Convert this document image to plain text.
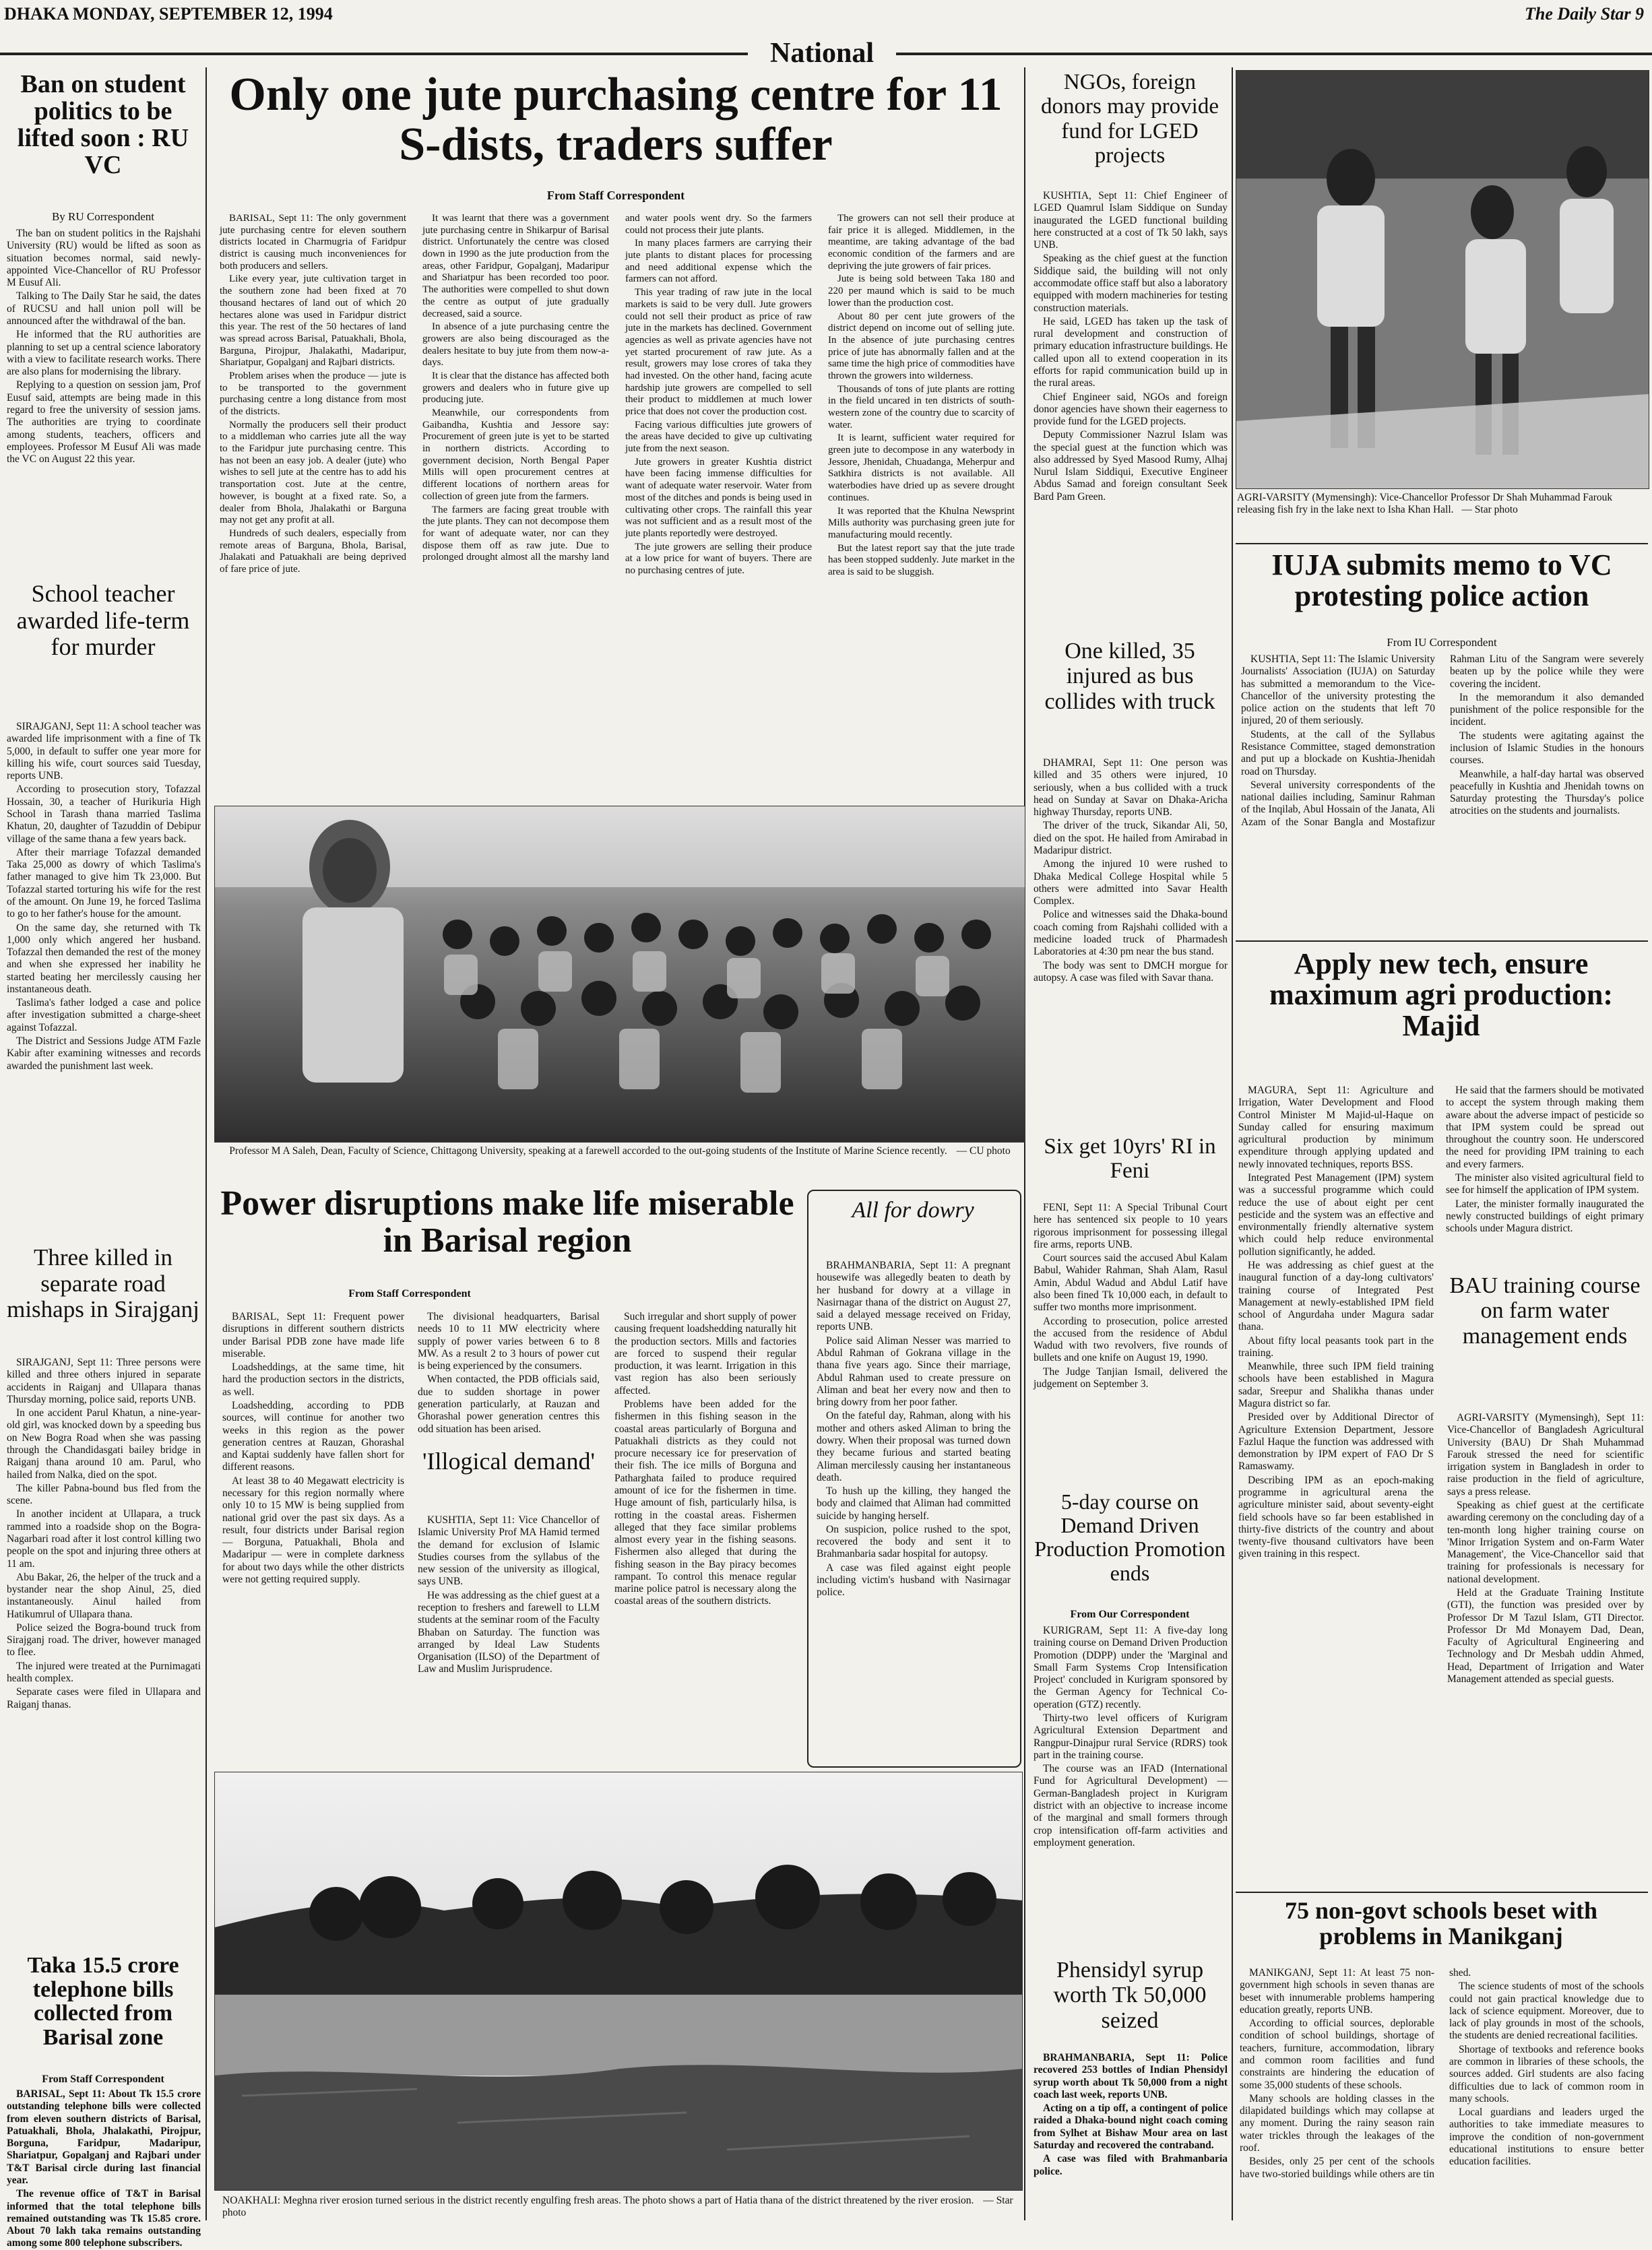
DHAKA MONDAY, SEPTEMBER 12, 1994	The Daily Star 9
National
Ban on student politics to be lifted soon : RU VC
By RU Correspondent

The ban on student politics in the Rajshahi University (RU) would be lifted as soon as situation becomes normal, said newly-appointed Vice-Chancellor of RU Professor M Eusuf Ali.

Talking to The Daily Star he said, the dates of RUCSU and hall union poll will be announced after the withdrawal of the ban.

He informed that the RU authorities are planning to set up a central science laboratory with a view to facilitate research works. There are also plans for modernising the library.

Replying to a question on session jam, Prof Eusuf said, attempts are being made in this regard to free the university of session jams. The authorities are trying to coordinate among students, teachers, officers and employees. Professor M Eusuf Ali was made the VC on August 22 this year.

School teacher awarded life-term for murder

SIRAJGANJ, Sept 11: A school teacher was awarded life imprisonment with a fine of Tk 5,000, in default to suffer one year more for killing his wife, court sources said Tuesday, reports UNB.

According to prosecution story, Tofazzal Hossain, 30, a teacher of Hurikuria High School in Tarash thana married Taslima Khatun, 20, daughter of Tazuddin of Debipur village of the same thana a few years back.

After their marriage Tofazzal demanded Taka 25,000 as dowry of which Taslima's father managed to give him Tk 23,000. But Tofazzal started torturing his wife for the rest of the amount. On June 19, he forced Taslima to go to her father's house for the amount.

On the same day, she returned with Tk 1,000 only which angered her husband. Tofazzal then demanded the rest of the money and when she expressed her inability he started beating her mercilessly causing her instantaneous death.

Taslima's father lodged a case and police after investigation submitted a charge-sheet against Tofazzal.

The District and Sessions Judge ATM Fazle Kabir after examining witnesses and records awarded the punishment last week.

Three killed in separate road mishaps in Sirajganj

SIRAJGANJ, Sept 11: Three persons were killed and three others injured in separate accidents in Raiganj and Ullapara thanas Thursday morning, police said, reports UNB.

In one accident Parul Khatun, a nine-year-old girl, was knocked down by a speeding bus on New Bogra Road when she was passing through the Chandidasgati bailey bridge in Raiganj thana around 10 am. Parul, who hailed from Nalka, died on the spot.

The killer Pabna-bound bus fled from the scene.

In another incident at Ullapara, a truck rammed into a roadside shop on the Bogra-Nagarbari road after it lost control killing two people on the spot and injuring three others at 11 am.

Abu Bakar, 26, the helper of the truck and a bystander near the shop Ainul, 25, died instantaneously. Ainul hailed from Hatikumrul of Ullapara thana.

Police seized the Bogra-bound truck from Sirajganj road. The driver, however managed to flee.

The injured were treated at the Purnimagati health complex.

Separate cases were filed in Ullapara and Raiganj thanas.

Taka 15.5 crore telephone bills collected from Barisal zone
From Staff Correspondent

BARISAL, Sept 11: About Tk 15.5 crore outstanding telephone bills were collected from eleven southern districts of Barisal, Patuakhali, Bhola, Jhalakathi, Pirojpur, Borguna, Faridpur, Madaripur, Shariatpur, Gopalganj and Rajbari under T&T Barisal circle during last financial year.

The revenue office of T&T in Barisal informed that the total telephone bills remained outstanding was Tk 15.85 crore. About 70 lakh taka remains outstanding among some 800 telephone subscribers.

Only one jute purchasing centre for 11 S-dists, traders suffer
From Staff Correspondent

BARISAL, Sept 11: The only government jute purchasing centre for eleven southern districts located in Charmugria of Faridpur district is causing much inconveniences for both producers and sellers.

Like every year, jute cultivation target in the southern zone had been fixed at 70 thousand hectares of land out of which 20 hectares alone was used in Faridpur district this year. The rest of the 50 hectares of land was spread across Barisal, Patuakhali, Bhola, Barguna, Pirojpur, Jhalakathi, Madaripur, Shariatpur, Gopalganj and Rajbari districts.

Problem arises when the produce — jute is to be transported to the government purchasing centre a long distance from most of the districts.

Normally the producers sell their product to a middleman who carries jute all the way to the Faridpur jute purchasing centre. This has not been an easy job. A dealer (jute) who wishes to sell jute at the centre has to add his transportation cost. Jute at the centre, however, is bought at a fixed rate. So, a dealer from Bhola, Jhalakathi or Barguna may not get any profit at all.

Hundreds of such dealers, especially from remote areas of Barguna, Bhola, Barisal, Jhalakati and Patuakhali are being deprived of fare price of jute.

It was learnt that there was a government jute purchasing centre in Shikarpur of Barisal district. Unfortunately the centre was closed down in 1990 as the jute production from the areas, other Faridpur, Gopalganj, Madaripur and Shariatpur has been recorded too poor. The authorities were compelled to shut down the centre as output of jute gradually decreased, said a source.

In absence of a jute purchasing centre the growers are also being discouraged as the dealers hesitate to buy jute from them now-a-days.

It is clear that the distance has affected both growers and dealers who in future give up producing jute.

Meanwhile, our correspondents from Gaibandha, Kushtia and Jessore say: Procurement of green jute is yet to be started in northern districts. According to government decision, North Bengal Paper Mills will open procurement centres at different locations of northern areas for collection of green jute from the farmers.

The farmers are facing great trouble with the jute plants. They can not decompose them for want of adequate water, nor can they dispose them off as raw jute. Due to prolonged drought almost all the marshy land and water pools went dry. So the farmers could not process their jute plants.

In many places farmers are carrying their jute plants to distant places for processing and need additional expense which the farmers can not afford.

This year trading of raw jute in the local markets is said to be very dull. Jute growers could not sell their product as price of raw jute in the markets has declined. Government agencies as well as private agencies have not yet started procurement of raw jute. As a result, growers may lose crores of taka they had invested. On the other hand, facing acute hardship jute growers are compelled to sell their product to middlemen at much lower price that does not cover the production cost.

Facing various difficulties jute growers of the areas have decided to give up cultivating jute from the next season.

Jute growers in greater Kushtia district have been facing immense difficulties for want of adequate water reservoir. Water from most of the ditches and ponds is being used in cultivating other crops. The rainfall this year was not sufficient and as a result most of the jute plants reportedly were destroyed.

The jute growers are selling their produce at a low price for want of buyers. There are no purchasing centres of jute.

The growers can not sell their produce at fair price it is alleged. Middlemen, in the meantime, are taking advantage of the bad economic condition of the farmers and are depriving the jute growers of fair prices.

Jute is being sold between Taka 180 and 220 per maund which is said to be much lower than the production cost.

About 80 per cent jute growers of the district depend on income out of selling jute. In the absence of jute purchasing centres price of jute has abnormally fallen and at the same time the high price of commodities have thrown the growers into wilderness.

Thousands of tons of jute plants are rotting in the field uncared in ten districts of south-western zone of the country due to scarcity of water.

It is learnt, sufficient water required for green jute to decompose in any waterbody in Jessore, Jhenidah, Chuadanga, Meherpur and Satkhira districts is not available. All waterbodies have dried up as severe drought continues.

It was reported that the Khulna Newsprint Mills authority was purchasing green jute for manufacturing mould recently.

But the latest report say that the jute trade has been stopped suddenly. Jute market in the area is said to be sluggish.

Professor M A Saleh, Dean, Faculty of Science, Chittagong University, speaking at a farewell accorded to the out-going students of the Institute of Marine Science recently. — CU photo
Power disruptions make life miserable in Barisal region
From Staff Correspondent

BARISAL, Sept 11: Frequent power disruptions in different southern districts under Barisal PDB zone have made life miserable.

Loadsheddings, at the same time, hit hard the production sectors in the districts, as well.

Loadshedding, according to PDB sources, will continue for another two weeks in this region as the power generation centres at Rauzan, Ghorashal and Kaptai suddenly have fallen short for different reasons.

At least 38 to 40 Megawatt electricity is necessary for this region normally where only 10 to 15 MW is being supplied from national grid over the past six days. As a result, four districts under Barisal region — Borguna, Patuakhali, Bhola and Madaripur — were in complete darkness for about two days while the other districts were not getting required supply.

The divisional headquarters, Barisal needs 10 to 11 MW electricity where supply of power varies between 6 to 8 MW. As a result 2 to 3 hours of power cut is being experienced by the consumers.

When contacted, the PDB officials said, due to sudden shortage in power generation particularly, at Rauzan and Ghorashal power generation centres this odd situation has been arised.

Such irregular and short supply of power causing frequent loadshedding naturally hit the production sectors. Mills and factories are forced to suspend their regular production, it was learnt. Irrigation in this vast region has also been seriously affected.

Problems have been added for the fishermen in this fishing season in the coastal areas particularly of Borguna and Patuakhali districts as they could not procure necessary ice for preservation of their fish. The ice mills of Borguna and Patharghata failed to produce required amount of ice for the fishermen in time. Huge amount of fish, particularly hilsa, is rotting in the coastal areas. Fishermen alleged that they face similar problems almost every year in the fishing seasons. Fishermen also alleged that during the fishing season in the Bay piracy becomes rampant. To control this menace regular marine police patrol is necessary along the coastal areas of the southern districts.

'Illogical demand'

KUSHTIA, Sept 11: Vice Chancellor of Islamic University Prof MA Hamid termed the demand for exclusion of Islamic Studies courses from the syllabus of the new session of the university as illogical, says UNB.

He was addressing as the chief guest at a reception to freshers and farewell to LLM students at the seminar room of the Faculty Bhaban on Saturday. The function was arranged by Ideal Law Students Organisation (ILSO) of the Department of Law and Muslim Jurisprudence.

All for dowry

BRAHMANBARIA, Sept 11: A pregnant housewife was allegedly beaten to death by her husband for dowry at a village in Nasirnagar thana of the district on August 27, said a delayed message received on Friday, reports UNB.

Police said Aliman Nesser was married to Abdul Rahman of Gokrana village in the thana five years ago. Since their marriage, Abdul Rahman used to create pressure on Aliman and beat her every now and then to bring dowry from her poor father.

On the fateful day, Rahman, along with his mother and others asked Aliman to bring the dowry. When their proposal was turned down they became furious and started beating Aliman mercilessly causing her instantaneous death.

To hush up the killing, they hanged the body and claimed that Aliman had committed suicide by hanging herself.

On suspicion, police rushed to the spot, recovered the body and sent it to Brahmanbaria sadar hospital for autopsy.

A case was filed against eight people including victim's husband with Nasirnagar police.

NOAKHALI: Meghna river erosion turned serious in the district recently engulfing fresh areas. The photo shows a part of Hatia thana of the district threatened by the river erosion. — Star photo
NGOs, foreign donors may provide fund for LGED projects

KUSHTIA, Sept 11: Chief Engineer of LGED Quamrul Islam Siddique on Sunday inaugurated the LGED functional building here constructed at a cost of Tk 50 lakh, says UNB.

Speaking as the chief guest at the function Siddique said, the building will not only accommodate office staff but also a laboratory equipped with modern machineries for testing construction materials.

He said, LGED has taken up the task of rural development and construction of primary education infrastructure buildings. He called upon all to extend cooperation in its efforts for rapid communication build up in the rural areas.

Chief Engineer said, NGOs and foreign donor agencies have shown their eagerness to provide fund for the LGED projects.

Deputy Commissioner Nazrul Islam was the special guest at the function which was also addressed by Syed Masood Rumy, Alhaj Nurul Islam Siddiqui, Executive Engineer Abdus Samad and foreign consultant Seek Bard Pam Green.	AGRI-VARSITY (Mymensingh): Vice-Chancellor Professor Dr Shah Muhammad Farouk releasing fish fry in the lake next to Isha Khan Hall. — Star photo
IUJA submits memo to VC protesting police action
From IU Correspondent

KUSHTIA, Sept 11: The Islamic University Journalists' Association (IUJA) on Saturday has submitted a memorandum to the Vice-Chancellor of the university protesting the police action on the students that left 70 injured, 20 of them seriously.

Students, at the call of the Syllabus Resistance Committee, staged demonstration and put up a blockade on Kushtia-Jhenidah road on Thursday.

Several university correspondents of the national dailies including, Saminur Rahman of the Inqilab, Abul Hossain of the Janata, Ali Azam of the Sonar Bangla and Mostafizur Rahman Litu of the Sangram were severely beaten up by the police while they were covering the incident.

In the memorandum it also demanded punishment of the police responsible for the incident.

The students were agitating against the inclusion of Islamic Studies in the honours courses.

Meanwhile, a half-day hartal was observed peacefully in Kushtia and Jhenidah towns on Saturday protesting the Thursday's police atrocities on the students and journalists.

One killed, 35 injured as bus collides with truck

DHAMRAI, Sept 11: One person was killed and 35 others were injured, 10 seriously, when a bus collided with a truck head on Sunday at Savar on Dhaka-Aricha highway Thursday, reports UNB.

The driver of the truck, Sikandar Ali, 50, died on the spot. He hailed from Amirabad in Madaripur district.

Among the injured 10 were rushed to Dhaka Medical College Hospital while 5 others were admitted into Savar Health Complex.

Police and witnesses said the Dhaka-bound coach coming from Rajshahi collided with a medicine loaded truck of Pharmadesh Laboratories at 4:30 pm near the bus stand.

The body was sent to DMCH morgue for autopsy. A case was filed with Savar thana.	Apply new tech, ensure maximum agri production: Majid

MAGURA, Sept 11: Agriculture and Irrigation, Water Development and Flood Control Minister M Majid-ul-Haque on Sunday called for ensuring maximum agricultural production by minimum expenditure through applying updated and newly innovated techniques, reports BSS.

Integrated Pest Management (IPM) system was a successful programme which could reduce the use of about eight per cent pesticide and the system was an effective and environmentally friendly alternative system which could help reduce environmental pollution significantly, he added.

He was addressing as chief guest at the inaugural function of a day-long cultivators' training course of Integrated Pest Management at newly-established IPM field school of Angurdaha under Magura sadar thana.

About fifty local peasants took part in the training.

Meanwhile, three such IPM field training schools have been established in Magura sadar, Sreepur and Shalikha thanas under Magura district so far.

Presided over by Additional Director of Agriculture Extension Department, Jessore Fazlul Haque the function was addressed with demonstration by IPM expert of FAO Dr S Ramaswamy.

Describing IPM as an epoch-making programme in agricultural arena the agriculture minister said, about seventy-eight field schools have so far been established in thirty-five districts of the country and about twenty-five thousand cultivators have been given training in this respect.

He said that the farmers should be motivated to accept the system through making them aware about the adverse impact of pesticide so that IPM system could be spread out throughout the country soon. He underscored the need for providing IPM training to each and every farmers.

The minister also visited agricultural field to see for himself the application of IPM system.

Later, the minister formally inaugurated the newly constructed buildings of eight primary schools under Magura district.

Six get 10yrs' RI in Feni

FENI, Sept 11: A Special Tribunal Court here has sentenced six people to 10 years rigorous imprisonment for possessing illegal fire arms, reports UNB.

Court sources said the accused Abul Kalam Babul, Wahider Rahman, Shah Alam, Rasul Amin, Abdul Wadud and Abdul Latif have also been fined Tk 10,000 each, in default to suffer two months more imprisonment.

According to prosecution, police arrested the accused from the residence of Abdul Wadud with two revolvers, five rounds of bullets and one knife on August 19, 1990.

The Judge Tanjian Ismail, delivered the judgement on September 3.

BAU training course on farm water management ends

AGRI-VARSITY (Mymensingh), Sept 11: Vice-Chancellor of Bangladesh Agricultural University (BAU) Dr Shah Muhammad Farouk stressed the need for scientific irrigation system in Bangladesh in order to raise production in the field of agriculture, says a press release.

Speaking as chief guest at the certificate awarding ceremony on the concluding day of a ten-month long higher training course on 'Minor Irrigation System and on-Farm Water Management', the Vice-Chancellor said that training for professionals is necessary for national development.

Held at the Graduate Training Institute (GTI), the function was presided over by Professor Dr M Tazul Islam, GTI Director. Professor Dr Md Monayem Dad, Dean, Faculty of Agricultural Engineering and Technology and Dr Mesbah uddin Ahmed, Head, Department of Irrigation and Water Management attended as special guests.

5-day course on Demand Driven Production Promotion ends
From Our Correspondent

KURIGRAM, Sept 11: A five-day long training course on Demand Driven Production Promotion (DDPP) under the 'Marginal and Small Farm Systems Crop Intensification Project' concluded in Kurigram sponsored by the German Agency for Technical Co-operation (GTZ) recently.

Thirty-two level officers of Kurigram Agricultural Extension Department and Rangpur-Dinajpur rural Service (RDRS) took part in the training course.

The course was an IFAD (International Fund for Agricultural Development) — German-Bangladesh project in Kurigram district with an objective to increase income of the marginal and small formers through crop intensification off-farm activities and employment generation.

Phensidyl syrup worth Tk 50,000 seized

BRAHMANBARIA, Sept 11: Police recovered 253 bottles of Indian Phensidyl syrup worth about Tk 50,000 from a night coach last week, reports UNB.

Acting on a tip off, a contingent of police raided a Dhaka-bound night coach coming from Sylhet at Bishaw Mour area on last Saturday and recovered the contraband.

A case was filed with Brahmanbaria police.

75 non-govt schools beset with problems in Manikganj

MANIKGANJ, Sept 11: At least 75 non-government high schools in seven thanas are beset with innumerable problems hampering education greatly, reports UNB.

According to official sources, deplorable condition of school buildings, shortage of teachers, furniture, accommodation, library and common room facilities and fund constraints are hindering the education of some 35,000 students of these schools.

Many schools are holding classes in the dilapidated buildings which may collapse at any moment. During the rainy season rain water trickles through the leakages of the roof.

Besides, only 25 per cent of the schools have two-storied buildings while others are tin shed.

The science students of most of the schools could not gain practical knowledge due to lack of science equipment. Moreover, due to lack of play grounds in most of the schools, the students are denied recreational facilities.

Shortage of textbooks and reference books are common in libraries of these schools, the sources added. Girl students are also facing difficulties due to lack of common room in many schools.

Local guardians and leaders urged the authorities to take immediate measures to improve the condition of non-government educational institutions to ensure better education facilities.
